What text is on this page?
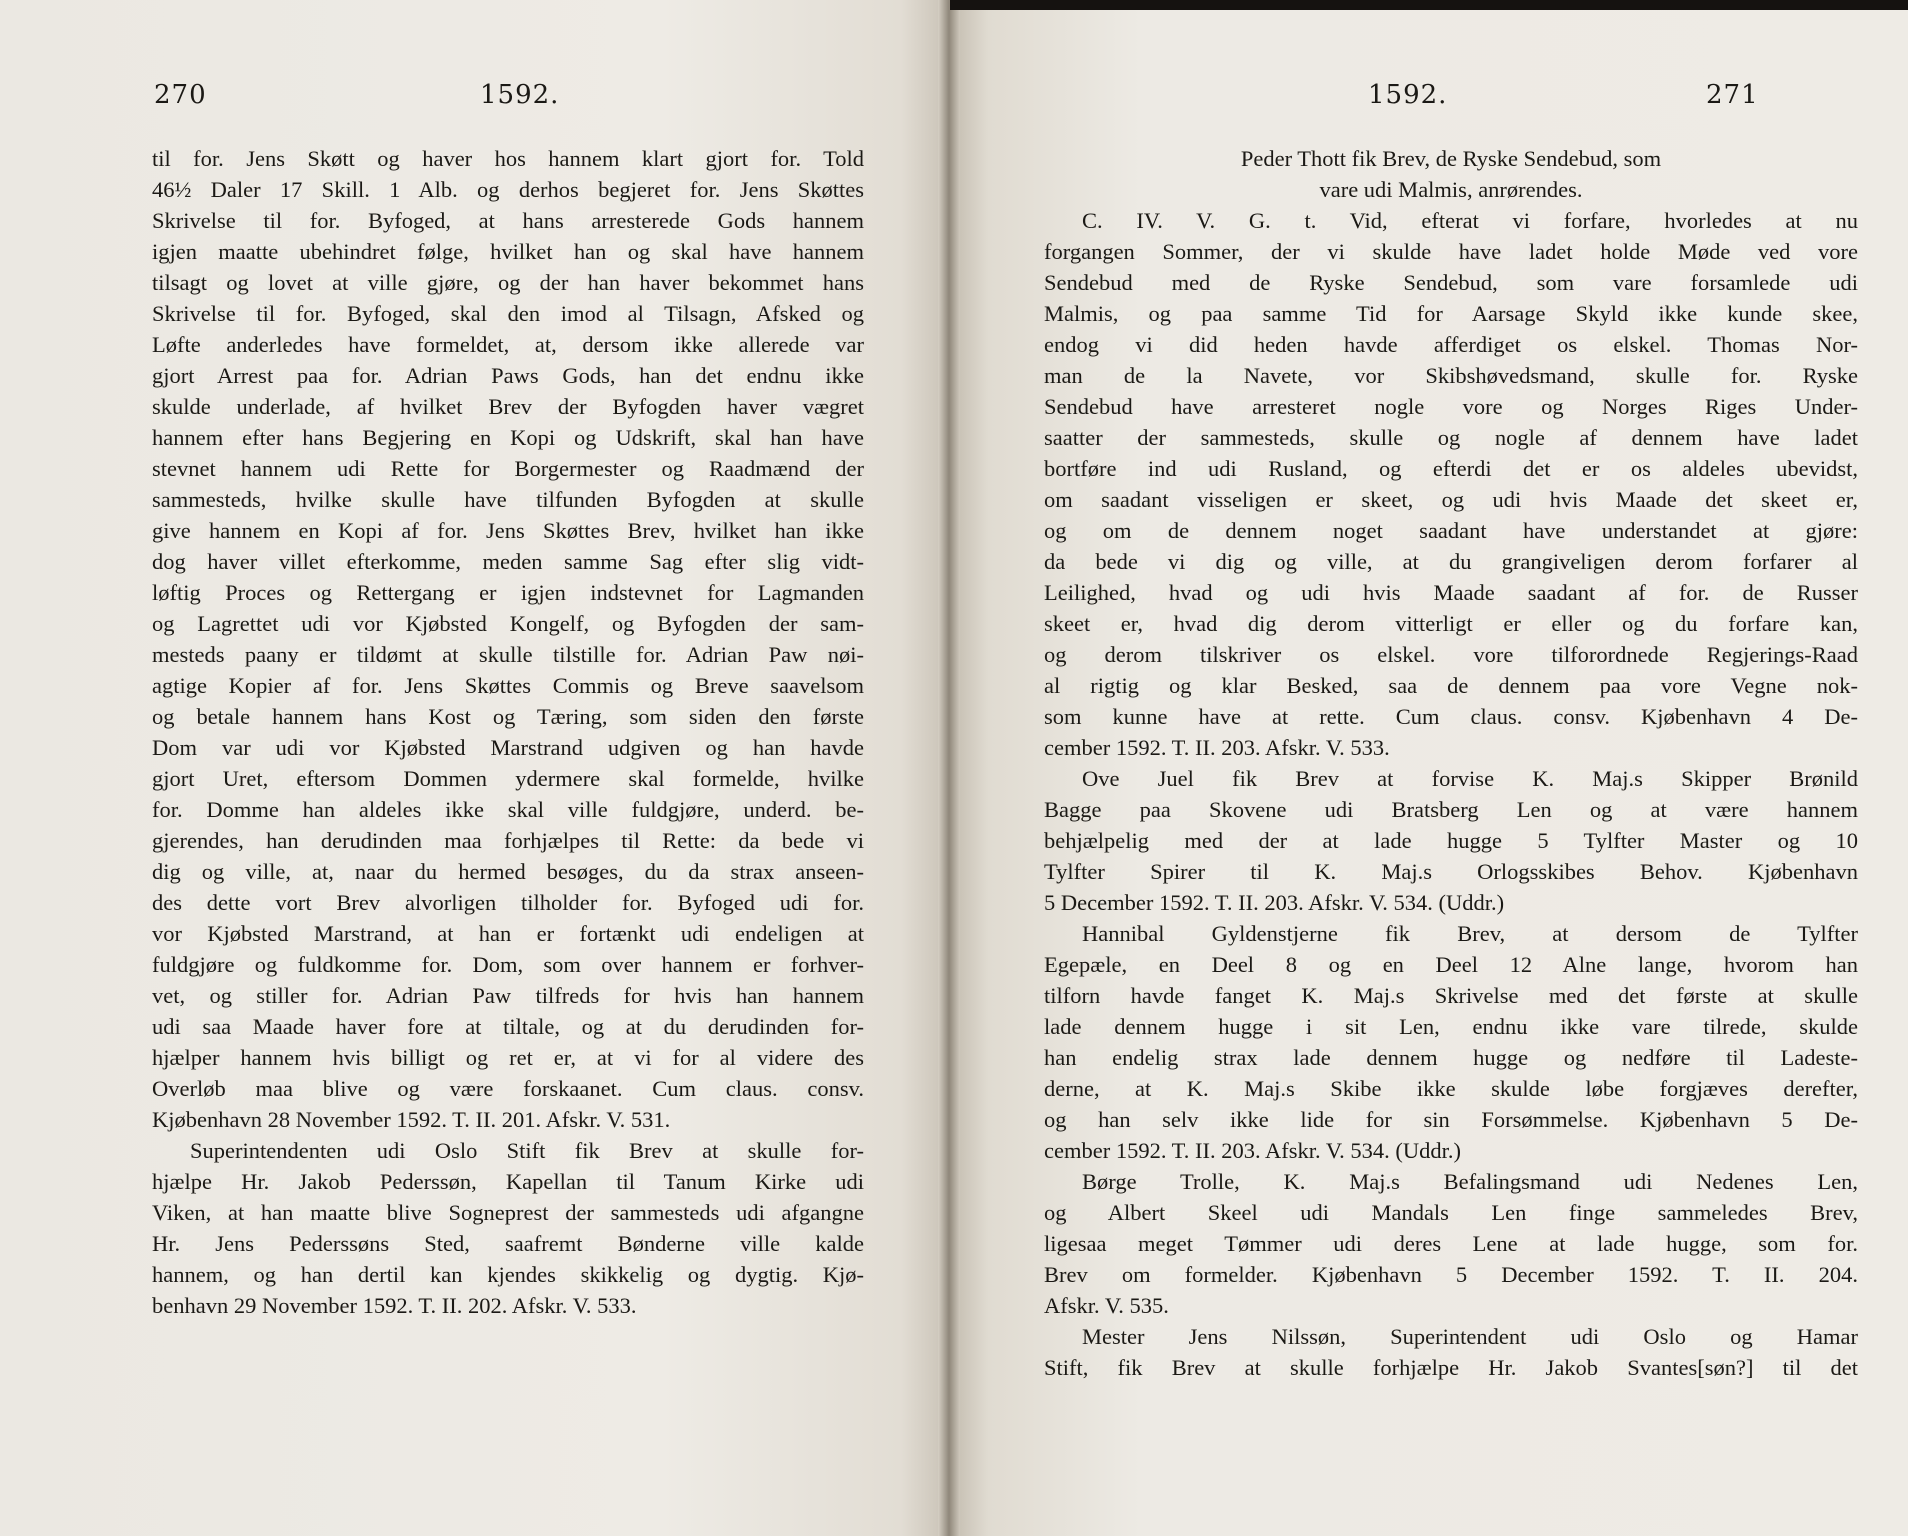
270	1592.
til for. Jens Skøtt og haver hos hannem klart gjort for. Told
46½ Daler 17 Skill. 1 Alb. og derhos begjeret for. Jens Skøttes
Skrivelse til for. Byfoged, at hans arresterede Gods hannem
igjen maatte ubehindret følge, hvilket han og skal have hannem
tilsagt og lovet at ville gjøre, og der han haver bekommet hans
Skrivelse til for. Byfoged, skal den imod al Tilsagn, Afsked og
Løfte anderledes have formeldet, at, dersom ikke allerede var
gjort Arrest paa for. Adrian Paws Gods, han det endnu ikke
skulde underlade, af hvilket Brev der Byfogden haver vægret
hannem efter hans Begjering en Kopi og Udskrift, skal han have
stevnet hannem udi Rette for Borgermester og Raadmænd der
sammesteds, hvilke skulle have tilfunden Byfogden at skulle
give hannem en Kopi af for. Jens Skøttes Brev, hvilket han ikke
dog haver villet efterkomme, meden samme Sag efter slig vidt-
løftig Proces og Rettergang er igjen indstevnet for Lagmanden
og Lagrettet udi vor Kjøbsted Kongelf, og Byfogden der sam-
mesteds paany er tildømt at skulle tilstille for. Adrian Paw nøi-
agtige Kopier af for. Jens Skøttes Commis og Breve saavelsom
og betale hannem hans Kost og Tæring, som siden den første
Dom var udi vor Kjøbsted Marstrand udgiven og han havde
gjort Uret, eftersom Dommen ydermere skal formelde, hvilke
for. Domme han aldeles ikke skal ville fuldgjøre, underd. be-
gjerendes, han derudinden maa forhjælpes til Rette: da bede vi
dig og ville, at, naar du hermed besøges, du da strax anseen-
des dette vort Brev alvorligen tilholder for. Byfoged udi for.
vor Kjøbsted Marstrand, at han er fortænkt udi endeligen at
fuldgjøre og fuldkomme for. Dom, som over hannem er forhver-
vet, og stiller for. Adrian Paw tilfreds for hvis han hannem
udi saa Maade haver fore at tiltale, og at du derudinden for-
hjælper hannem hvis billigt og ret er, at vi for al videre des
Overløb maa blive og være forskaanet. Cum claus. consv.
Kjøbenhavn 28 November 1592. T. II. 201. Afskr. V. 531.
Superintendenten udi Oslo Stift fik Brev at skulle for-
hjælpe Hr. Jakob Pederssøn, Kapellan til Tanum Kirke udi
Viken, at han maatte blive Sogneprest der sammesteds udi afgangne
Hr. Jens Pederssøns Sted, saafremt Bønderne ville kalde
hannem, og han dertil kan kjendes skikkelig og dygtig. Kjø-
benhavn 29 November 1592. T. II. 202. Afskr. V. 533.
1592.	271
Peder Thott fik Brev, de Ryske Sendebud, som
vare udi Malmis, anrørendes.
C. IV. V. G. t. Vid, efterat vi forfare, hvorledes at nu
forgangen Sommer, der vi skulde have ladet holde Møde ved vore
Sendebud med de Ryske Sendebud, som vare forsamlede udi
Malmis, og paa samme Tid for Aarsage Skyld ikke kunde skee,
endog vi did heden havde afferdiget os elskel. Thomas Nor-
man de la Navete, vor Skibshøvedsmand, skulle for. Ryske
Sendebud have arresteret nogle vore og Norges Riges Under-
saatter der sammesteds, skulle og nogle af dennem have ladet
bortføre ind udi Rusland, og efterdi det er os aldeles ubevidst,
om saadant visseligen er skeet, og udi hvis Maade det skeet er,
og om de dennem noget saadant have understandet at gjøre:
da bede vi dig og ville, at du grangiveligen derom forfarer al
Leilighed, hvad og udi hvis Maade saadant af for. de Russer
skeet er, hvad dig derom vitterligt er eller og du forfare kan,
og derom tilskriver os elskel. vore tilforordnede Regjerings-Raad
al rigtig og klar Besked, saa de dennem paa vore Vegne nok-
som kunne have at rette. Cum claus. consv. Kjøbenhavn 4 De-
cember 1592. T. II. 203. Afskr. V. 533.
Ove Juel fik Brev at forvise K. Maj.s Skipper Brønild
Bagge paa Skovene udi Bratsberg Len og at være hannem
behjælpelig med der at lade hugge 5 Tylfter Master og 10
Tylfter Spirer til K. Maj.s Orlogsskibes Behov. Kjøbenhavn
5 December 1592. T. II. 203. Afskr. V. 534. (Uddr.)
Hannibal Gyldenstjerne fik Brev, at dersom de Tylfter
Egepæle, en Deel 8 og en Deel 12 Alne lange, hvorom han
tilforn havde fanget K. Maj.s Skrivelse med det første at skulle
lade dennem hugge i sit Len, endnu ikke vare tilrede, skulde
han endelig strax lade dennem hugge og nedføre til Ladeste-
derne, at K. Maj.s Skibe ikke skulde løbe forgjæves derefter,
og han selv ikke lide for sin Forsømmelse. Kjøbenhavn 5 De-
cember 1592. T. II. 203. Afskr. V. 534. (Uddr.)
Børge Trolle, K. Maj.s Befalingsmand udi Nedenes Len,
og Albert Skeel udi Mandals Len finge sammeledes Brev,
ligesaa meget Tømmer udi deres Lene at lade hugge, som for.
Brev om formelder. Kjøbenhavn 5 December 1592. T. II. 204.
Afskr. V. 535.
Mester Jens Nilssøn, Superintendent udi Oslo og Hamar
Stift, fik Brev at skulle forhjælpe Hr. Jakob Svantes[søn?] til det
